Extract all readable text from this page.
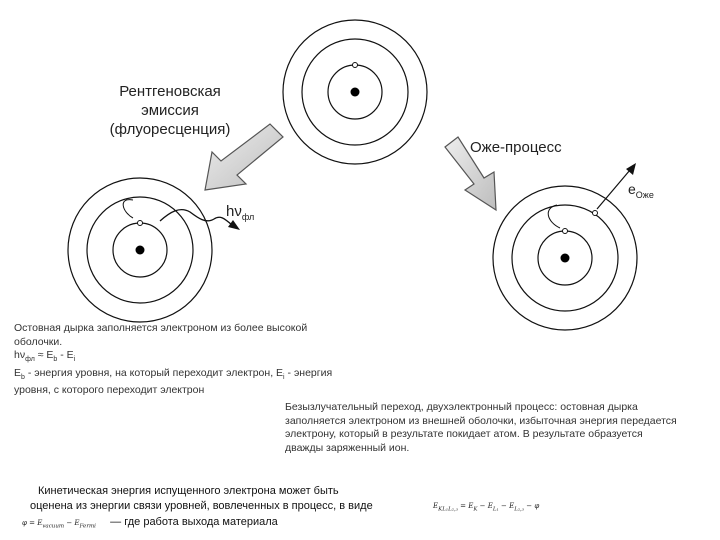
Рентгеновская
эмиссия
(флуоресценция)
Оже-процесс
$h\nu_{фл}$
$e_{Оже}$
Остовная дырка заполняется электроном из более высокой
оболочки.
$h\nu_{фл} \approx E_b - E_i$
$E_b$ - энергия уровня, на который переходит электрон, $E_i$ - энергия
уровня, с которого переходит электрон
Безызлучательный переход, двухэлектронный процесс: остовная дырка
заполняется электроном из внешней оболочки, избыточная энергия передается
электрону, который в результате покидает атом. В результате образуется
дважды заряженный ион.
Кинетическая энергия испущенного электрона может быть
оценена из энергии связи уровней, вовлеченных в процесс, в виде
$\varphi = E_{vacuum} - E_{Fermi}$ — где работа выхода материала
$E_{KL_1L_2,_3} = E_K - E_{L_1} - E_{L_2,_3} - \varphi$
